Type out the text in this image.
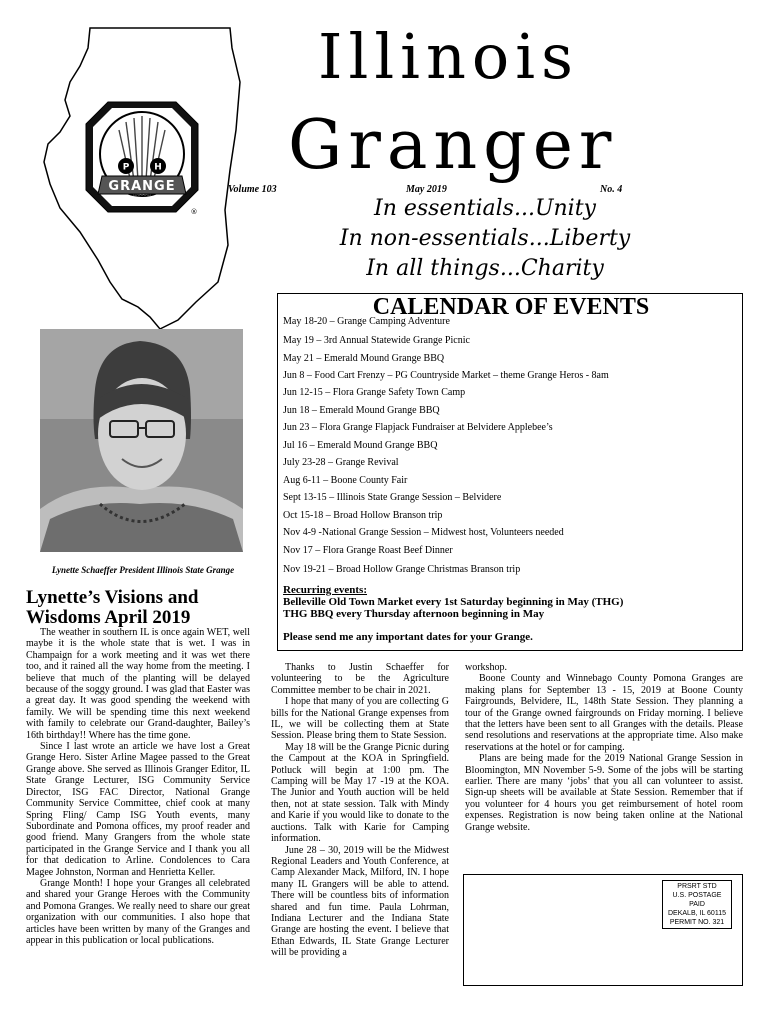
P	H
GRANGE
®
Illinois
Granger
Volume 103	May 2019	No. 4
In essentials...Unity
In non-essentials...Liberty
In all things...Charity
Lynette Schaeffer President Illinois State Grange
CALENDAR OF EVENTS
May 18-20 – Grange Camping Adventure
May 19 – 3rd Annual Statewide Grange Picnic
May 21 – Emerald Mound Grange BBQ
Jun 8 – Food Cart Frenzy – PG Countryside Market – theme Grange Heros - 8am
Jun 12-15 – Flora Grange Safety Town Camp
Jun 18 – Emerald Mound Grange BBQ
Jun 23 – Flora Grange Flapjack Fundraiser at Belvidere Applebee’s
Jul 16 – Emerald Mound Grange BBQ
July 23-28 – Grange Revival
Aug 6-11 – Boone County Fair
Sept 13-15 – Illinois State Grange Session – Belvidere
Oct 15-18 – Broad Hollow Branson trip
Nov 4-9 -National Grange Session – Midwest host, Volunteers needed
Nov 17 – Flora Grange Roast Beef Dinner
Nov 19-21 – Broad Hollow Grange Christmas Branson trip
Recurring events:
Belleville Old Town Market every 1st Saturday beginning in May (THG)
THG BBQ every Thursday afternoon beginning in May
Please send me any important dates for your Grange.
Lynette’s Visions and
Wisdoms April 2019

The weather in southern IL is once again WET, well maybe it is the whole state that is wet. I was in Champaign for a work meeting and it was wet there too, and it rained all the way home from the meeting. I believe that much of the planting will be delayed because of the soggy ground. I was glad that Easter was a great day. It was good spending the weekend with family. We will be spending time this next weekend with family to celebrate our Grand-daughter, Bailey’s 16th birthday!! Where has the time gone.

Since I last wrote an article we have lost a Great Grange Hero. Sister Arline Magee passed to the Great Grange above. She served as Illinois Granger Editor, IL State Grange Lecturer, ISG Community Service Director, ISG FAC Director, National Grange Community Service Committee, chief cook at many Spring Fling/ Camp ISG Youth events, many Subordinate and Pomona offices, my proof reader and good friend. Many Grangers from the whole state participated in the Grange Service and I thank you all for that dedication to Arline. Condolences to Cara Magee Johnston, Norman and Henrietta Keller.

Grange Month! I hope your Granges all celebrated and shared your Grange Heroes with the Community and Pomona Granges. We really need to share our great organization with our communities. I also hope that articles have been written by many of the Granges and appear in this publication or local publications.

Thanks to Justin Schaeffer for volunteering to be the Agriculture Committee member to be chair in 2021.

I hope that many of you are collecting G bills for the National Grange expenses from IL, we will be collecting them at State Session. Please bring them to State Session.

May 18 will be the Grange Picnic during the Campout at the KOA in Springfield. Potluck will begin at 1:00 pm. The Camping will be May 17 -19 at the KOA. The Junior and Youth auction will be held then, not at state session. Talk with Mindy and Karie if you would like to donate to the auctions. Talk with Karie for Camping information.

June 28 – 30, 2019 will be the Midwest Regional Leaders and Youth Conference, at Camp Alexander Mack, Milford, IN. I hope many IL Grangers will be able to attend. There will be countless bits of information shared and fun time. Paula Lohrman, Indiana Lecturer and the Indiana State Grange are hosting the event. I believe that Ethan Edwards, IL State Grange Lecturer will be providing a

workshop.

Boone County and Winnebago County Pomona Granges are making plans for September 13 - 15, 2019 at Boone County Fairgrounds, Belvidere, IL, 148th State Session. They planning a tour of the Grange owned fairgrounds on Friday morning. I believe that the letters have been sent to all Granges with the details. Please send resolutions and reservations at the appropriate time. Also make reservations at the hotel or for camping.

Plans are being made for the 2019 National Grange Session in Bloomington, MN November 5-9. Some of the jobs will be starting earlier. There are many ‘jobs’ that you all can volunteer to assist. Sign-up sheets will be available at State Session. Remember that if you volunteer for 4 hours you get reimbursement of hotel room expenses. Registration is now being taken online at the National Grange website.

PRSRT STD
U.S. POSTAGE
PAID
DEKALB, IL 60115
PERMIT NO. 321
